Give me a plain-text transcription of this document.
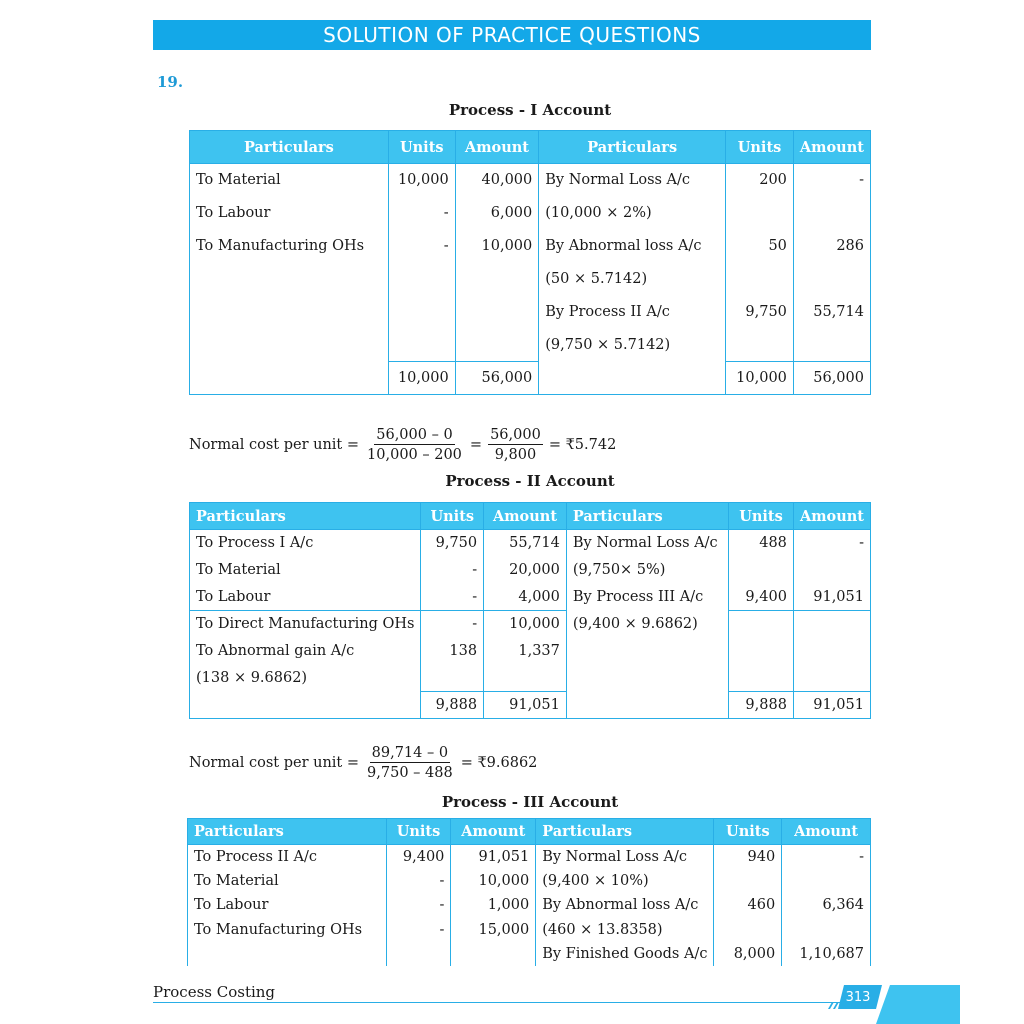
SOLUTION OF PRACTICE QUESTIONS
19.
Process - I Account
Particulars	Units	Amount	Particulars	Units	Amount
To Material	10,000	40,000	By Normal Loss A/c	200	-
To Labour	-	6,000	(10,000 × 2%)		
To Manufacturing OHs	-	10,000	By Abnormal loss A/c	50	286
			(50 × 5.7142)		
			By Process II A/c	9,750	55,714
			(9,750 × 5.7142)		
	10,000	56,000		10,000	56,000
Normal cost per unit = $\frac{56,000 - 0}{10,000 - 200} = \frac{56,000}{9,800}$ = ₹5.742
Process - II Account
Particulars	Units	Amount	Particulars	Units	Amount
To Process I A/c	9,750	55,714	By Normal Loss A/c	488	-
To Material	-	20,000	(9,750× 5%)		
To Labour	-	4,000	By Process III A/c	9,400	91,051
To Direct Manufacturing OHs	-	10,000	(9,400 × 9.6862)		
To Abnormal gain A/c	138	1,337			
(138 × 9.6862)					
	9,888	91,051		9,888	91,051
Normal cost per unit = $\frac{89,714 - 0}{9,750 - 488}$ = ₹9.6862
Process - III Account
Particulars	Units	Amount	Particulars	Units	Amount
To Process II A/c	9,400	91,051	By Normal Loss A/c	940	-
To Material	-	10,000	(9,400 × 10%)		
To Labour	-	1,000	By Abnormal loss A/c	460	6,364
To Manufacturing OHs	-	15,000	(460 × 13.8358)		
			By Finished Goods A/c	8,000	1,10,687
Process Costing	313
